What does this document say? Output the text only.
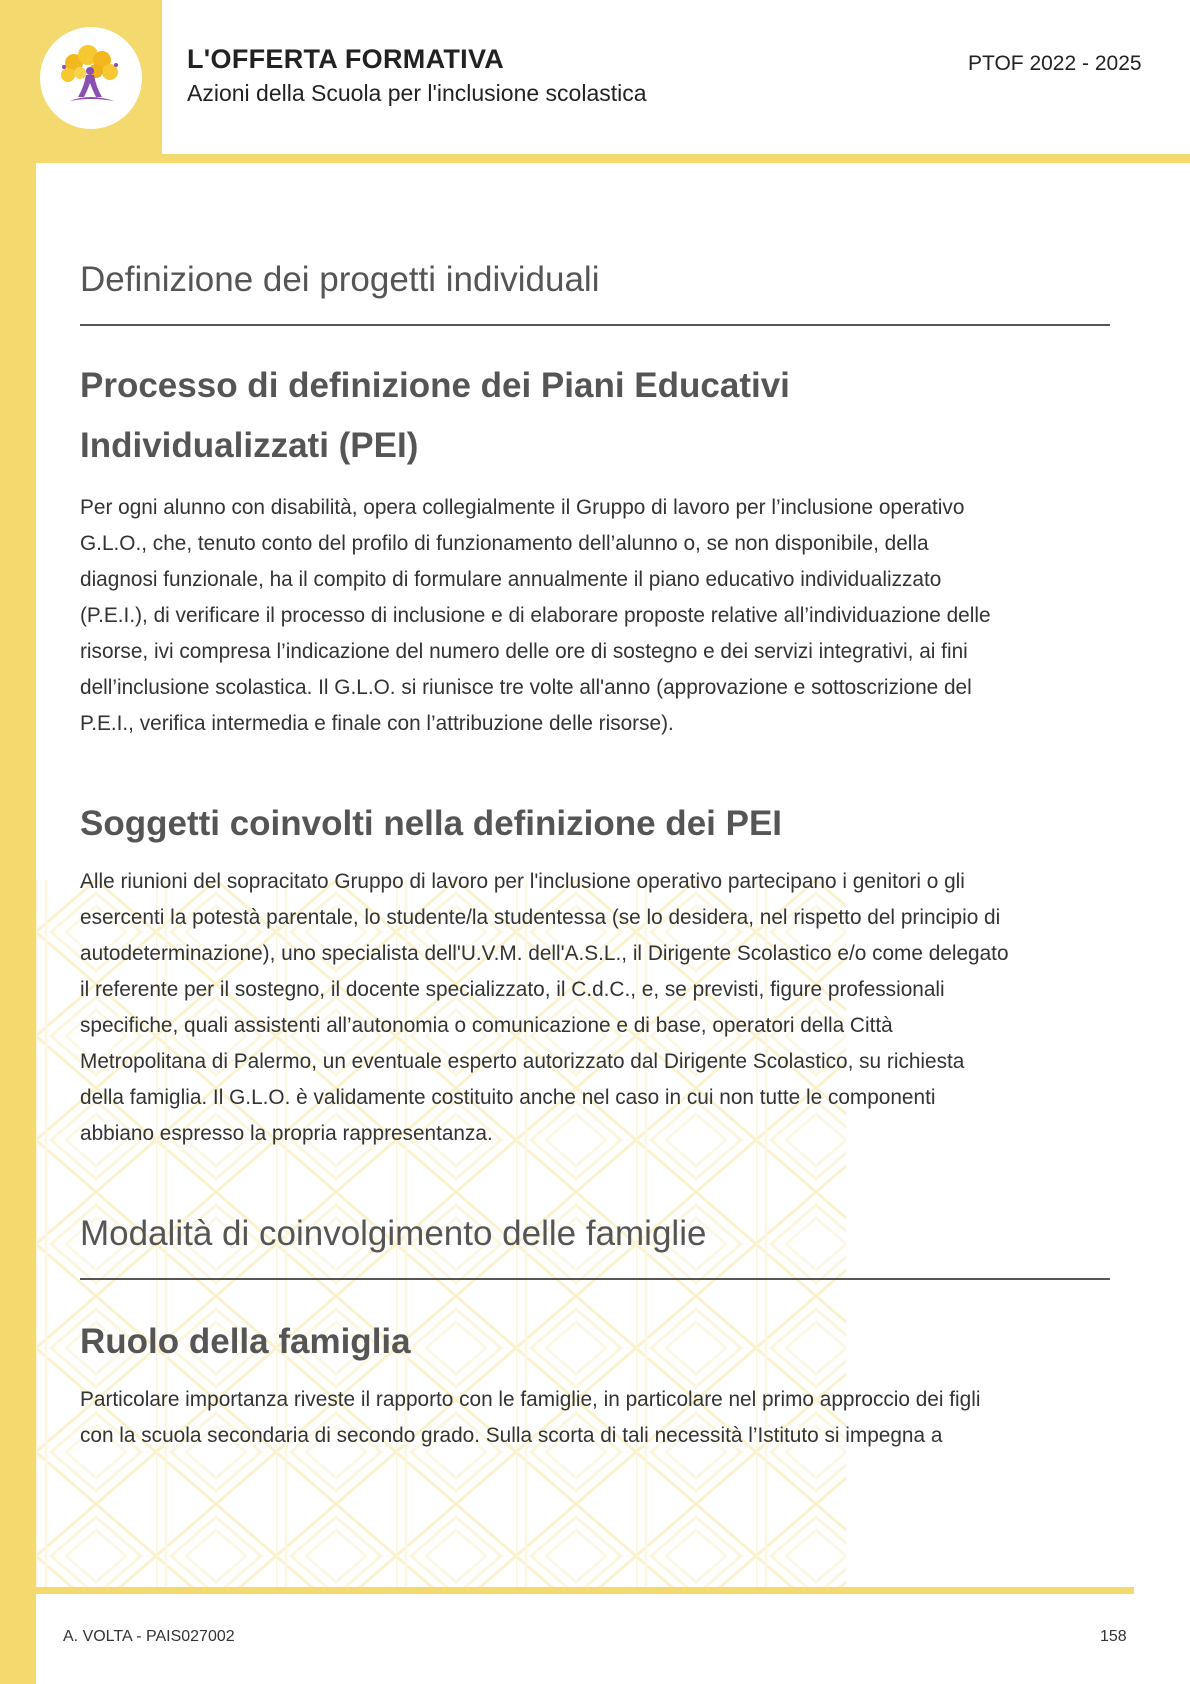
L'OFFERTA FORMATIVA
Azioni della Scuola per l'inclusione scolastica
PTOF 2022 - 2025
Definizione dei progetti individuali
Processo di definizione dei Piani Educativi
Individualizzati (PEI)

Per ogni alunno con disabilità, opera collegialmente il Gruppo di lavoro per l’inclusione operativo

G.L.O., che, tenuto conto del profilo di funzionamento dell’alunno o, se non disponibile, della

diagnosi funzionale, ha il compito di formulare annualmente il piano educativo individualizzato

(P.E.I.), di verificare il processo di inclusione e di elaborare proposte relative all’individuazione delle

risorse, ivi compresa l’indicazione del numero delle ore di sostegno e dei servizi integrativi, ai fini

dell’inclusione scolastica. Il G.L.O. si riunisce tre volte all'anno (approvazione e sottoscrizione del

P.E.I., verifica intermedia e finale con l’attribuzione delle risorse).

Soggetti coinvolti nella definizione dei PEI

Alle riunioni del sopracitato Gruppo di lavoro per l'inclusione operativo partecipano i genitori o gli

esercenti la potestà parentale, lo studente/la studentessa (se lo desidera, nel rispetto del principio di

autodeterminazione), uno specialista dell'U.V.M. dell'A.S.L., il Dirigente Scolastico e/o come delegato

il referente per il sostegno, il docente specializzato, il C.d.C., e, se previsti, figure professionali

specifiche, quali assistenti all’autonomia o comunicazione e di base, operatori della Città

Metropolitana di Palermo, un eventuale esperto autorizzato dal Dirigente Scolastico, su richiesta

della famiglia. Il G.L.O. è validamente costituito anche nel caso in cui non tutte le componenti

abbiano espresso la propria rappresentanza.

Modalità di coinvolgimento delle famiglie
Ruolo della famiglia

Particolare importanza riveste il rapporto con le famiglie, in particolare nel primo approccio dei figli

con la scuola secondaria di secondo grado. Sulla scorta di tali necessità l’Istituto si impegna a

A. VOLTA - PAIS027002	158
